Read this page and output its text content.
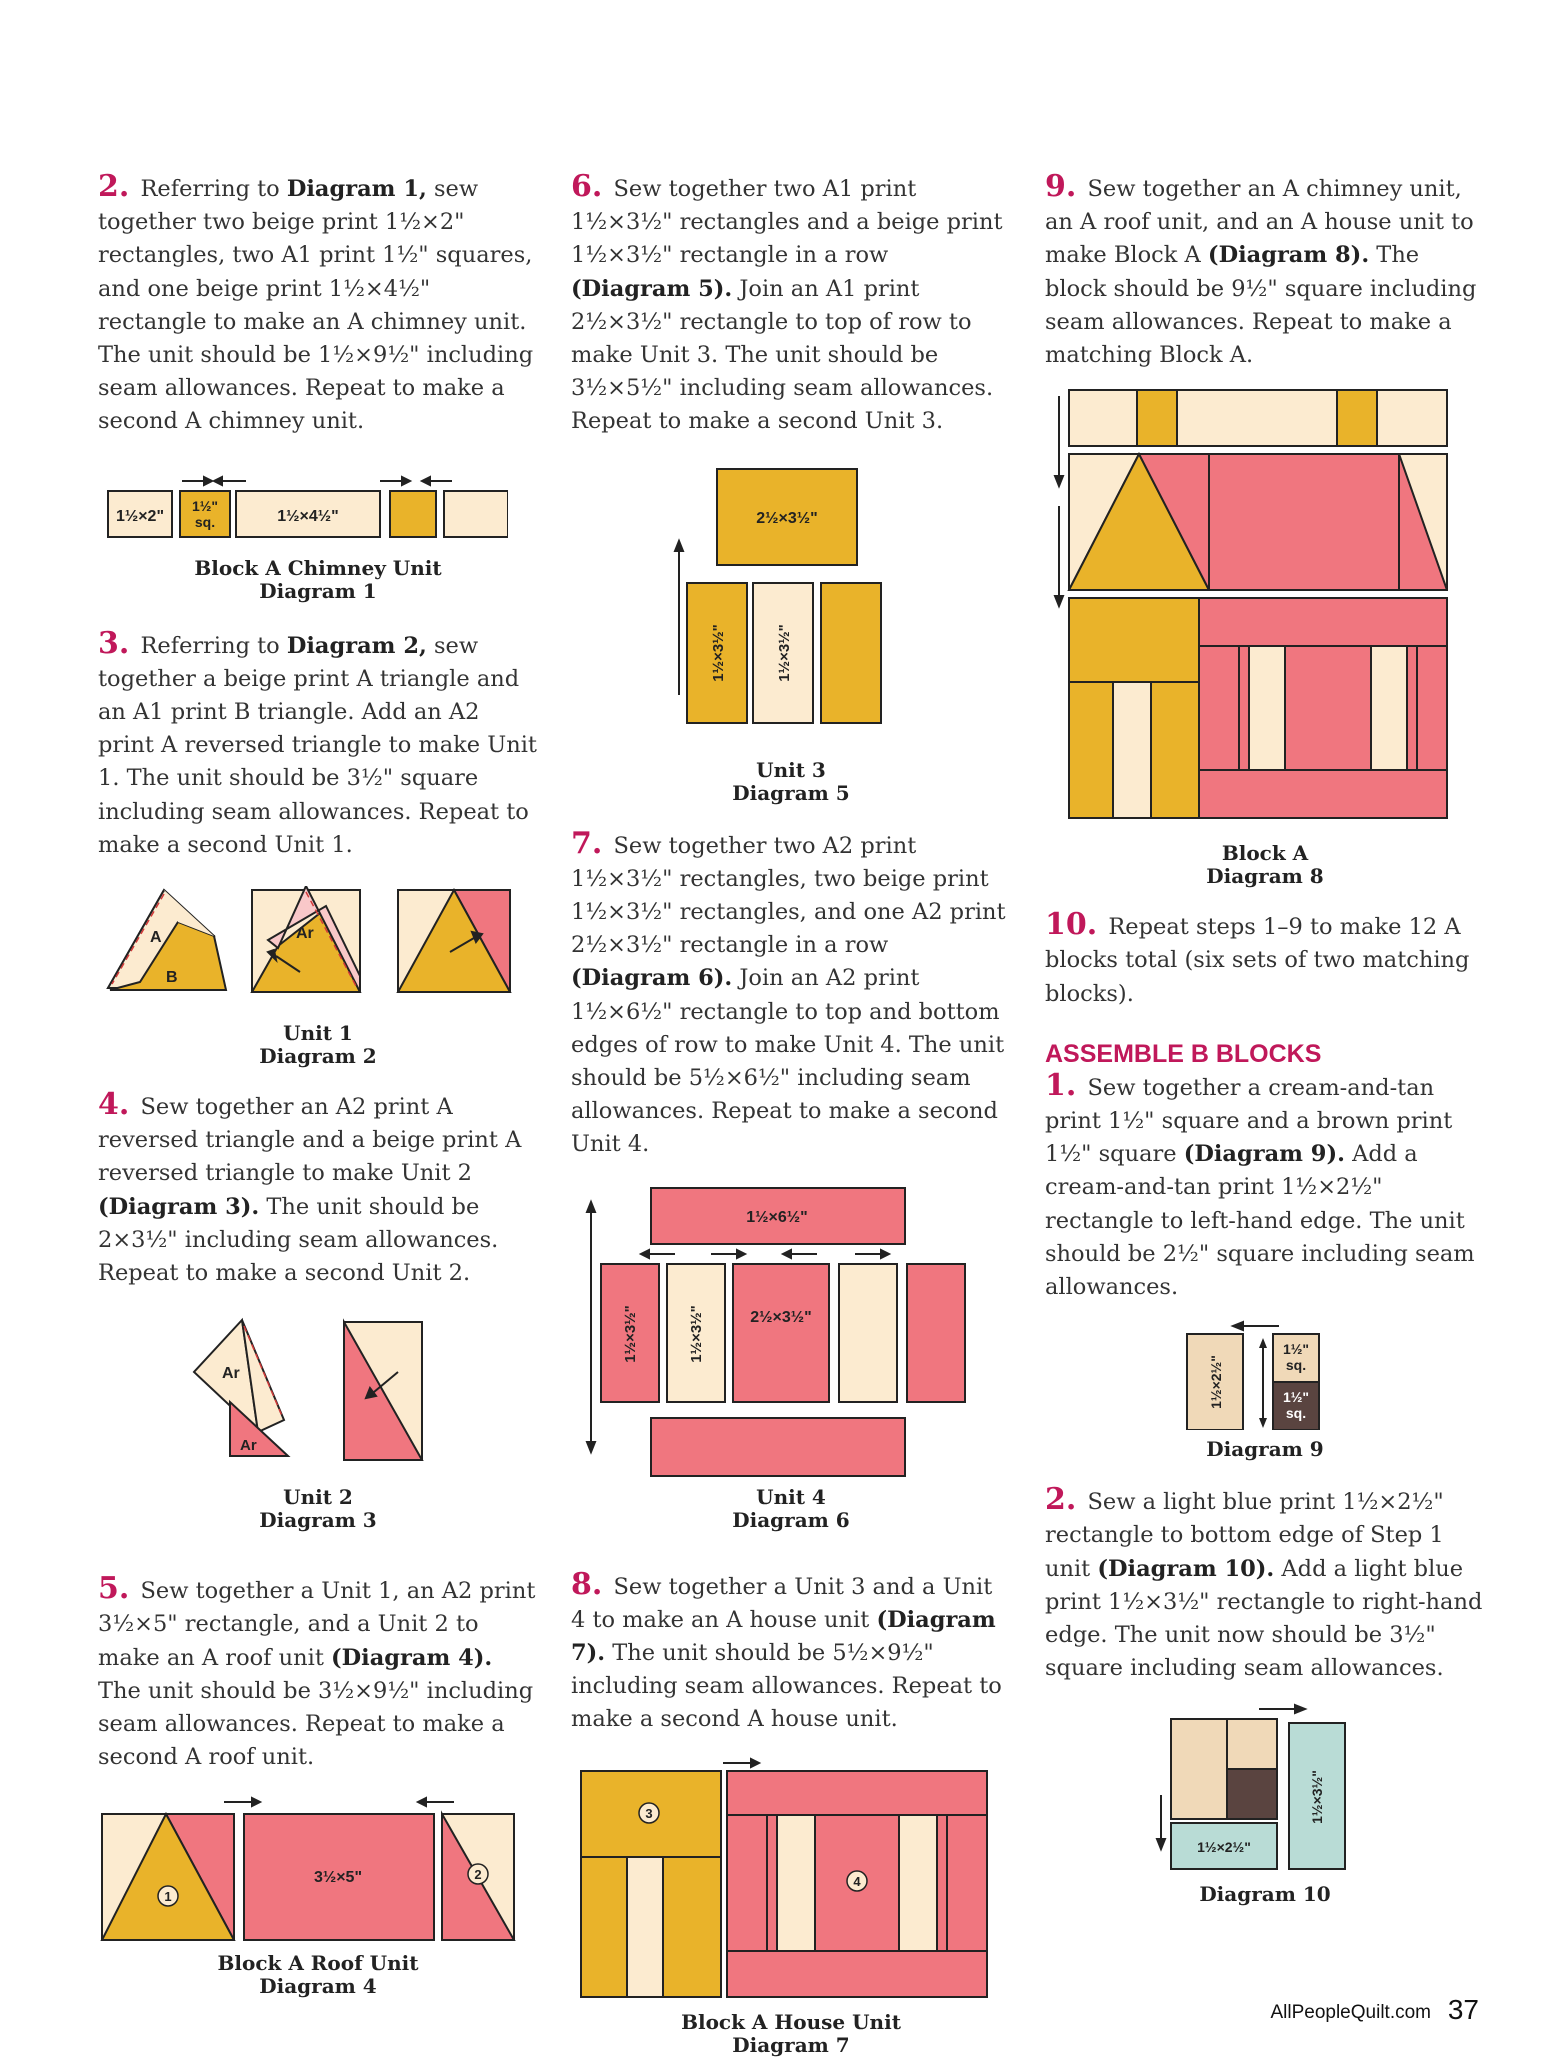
2. Referring to Diagram 1, sew together two beige print 1½×2" rectangles, two A1 print 1½" squares, and one beige print 1½×4½" rectangle to make an A chimney unit. The unit should be 1½×9½" including seam allowances. Repeat to make a second A chimney unit.

1½×2"
1½"
sq.	1½×4½"
Block A Chimney Unit
Diagram 1

3. Referring to Diagram 2, sew together a beige print A triangle and an A1 print B triangle. Add an A2 print A reversed triangle to make Unit 1. The unit should be 3½" square including seam allowances. Repeat to make a second Unit 1.

A
B
Ar
Unit 1
Diagram 2

4. Sew together an A2 print A reversed triangle and a beige print A reversed triangle to make Unit 2 (Diagram 3). The unit should be 2×3½" including seam allowances. Repeat to make a second Unit 2.

Ar
Ar
Unit 2
Diagram 3

5. Sew together a Unit 1, an A2 print 3½×5" rectangle, and a Unit 2 to make an A roof unit (Diagram 4). The unit should be 3½×9½" including seam allowances. Repeat to make a second A roof unit.

1
3½×5"	2
Block A Roof Unit
Diagram 4

6. Sew together two A1 print 1½×3½" rectangles and a beige print 1½×3½" rectangle in a row (Diagram 5). Join an A1 print 2½×3½" rectangle to top of row to make Unit 3. The unit should be 3½×5½" including seam allowances. Repeat to make a second Unit 3.

2½×3½"
1½×3½"	1½×3½"
Unit 3
Diagram 5

7. Sew together two A2 print 1½×3½" rectangles, two beige print 1½×3½" rectangles, and one A2 print 2½×3½" rectangle in a row (Diagram 6). Join an A2 print 1½×6½" rectangle to top and bottom edges of row to make Unit 4. The unit should be 5½×6½" including seam allowances. Repeat to make a second Unit 4.

1½×6½"
1½×3½"	1½×3½"	2½×3½"
Unit 4
Diagram 6

8. Sew together a Unit 3 and a Unit 4 to make an A house unit (Diagram 7). The unit should be 5½×9½" including seam allowances. Repeat to make a second A house unit.

3
4
Block A House Unit
Diagram 7

9. Sew together an A chimney unit, an A roof unit, and an A house unit to make Block A (Diagram 8). The block should be 9½" square including seam allowances. Repeat to make a matching Block A.

Block A
Diagram 8

10. Repeat steps 1–9 to make 12 A blocks total (six sets of two matching blocks).

ASSEMBLE B BLOCKS

1. Sew together a cream-and-tan print 1½" square and a brown print 1½" square (Diagram 9). Add a cream-and-tan print 1½×2½" rectangle to left-hand edge. The unit should be 2½" square including seam allowances.

1½×2½"
1½"
sq.
1½"
sq.
Diagram 9

2. Sew a light blue print 1½×2½" rectangle to bottom edge of Step 1 unit (Diagram 10). Add a light blue print 1½×3½" rectangle to right-hand edge. The unit now should be 3½" square including seam allowances.

1½×2½"
1½×3½"
Diagram 10
AllPeopleQuilt.com 37
